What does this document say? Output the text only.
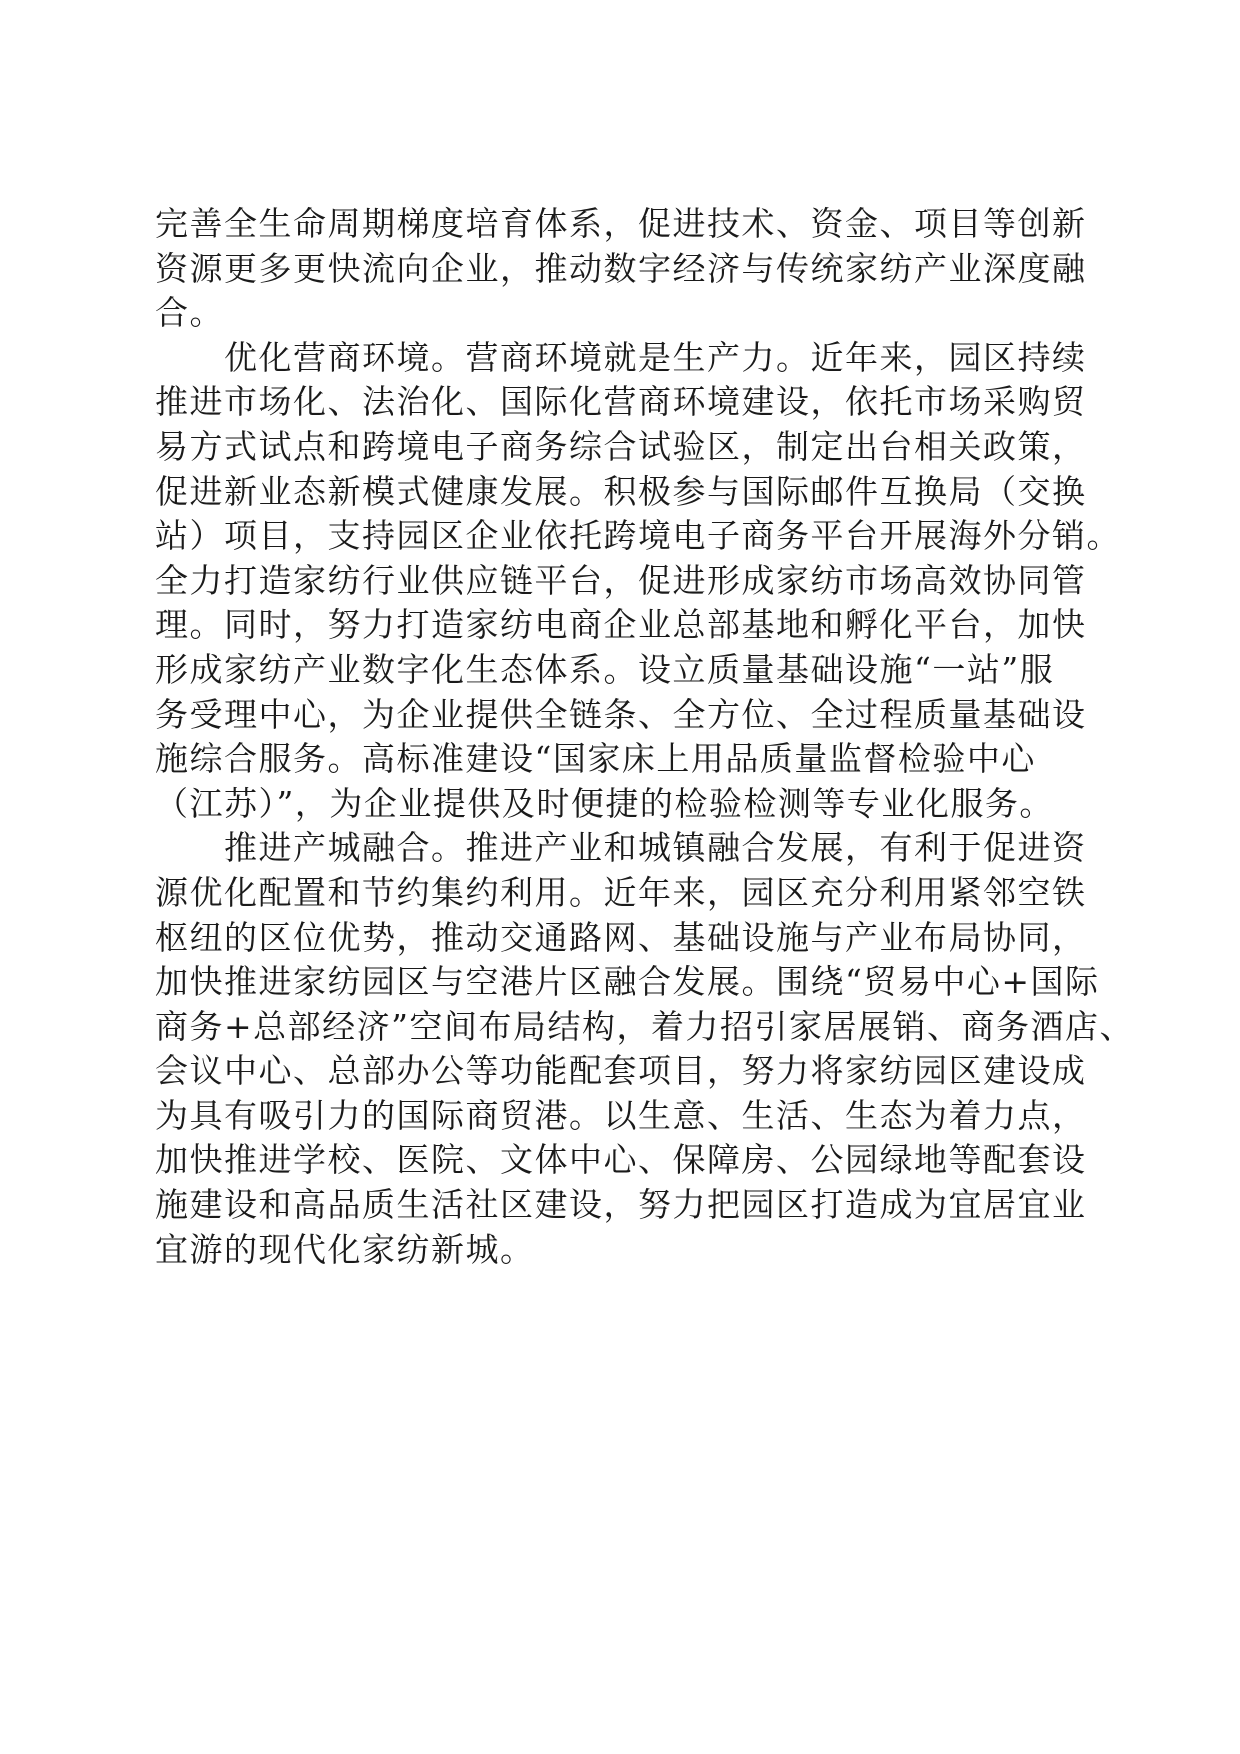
完善全生命周期梯度培育体系，促进技术、资金、项目等创新
资源更多更快流向企业，推动数字经济与传统家纺产业深度融
合。
　　优化营商环境。营商环境就是生产力。近年来，园区持续
推进市场化、法治化、国际化营商环境建设，依托市场采购贸
易方式试点和跨境电子商务综合试验区，制定出台相关政策，
促进新业态新模式健康发展。积极参与国际邮件互换局（交换
站）项目，支持园区企业依托跨境电子商务平台开展海外分销。
全力打造家纺行业供应链平台，促进形成家纺市场高效协同管
理。同时，努力打造家纺电商企业总部基地和孵化平台，加快
形成家纺产业数字化生态体系。设立质量基础设施“一站”服
务受理中心，为企业提供全链条、全方位、全过程质量基础设
施综合服务。高标准建设“国家床上用品质量监督检验中心
（江苏）”，为企业提供及时便捷的检验检测等专业化服务。
　　推进产城融合。推进产业和城镇融合发展，有利于促进资
源优化配置和节约集约利用。近年来，园区充分利用紧邻空铁
枢纽的区位优势，推动交通路网、基础设施与产业布局协同，
加快推进家纺园区与空港片区融合发展。围绕“贸易中心+国际
商务+总部经济”空间布局结构，着力招引家居展销、商务酒店、
会议中心、总部办公等功能配套项目，努力将家纺园区建设成
为具有吸引力的国际商贸港。以生意、生活、生态为着力点，
加快推进学校、医院、文体中心、保障房、公园绿地等配套设
施建设和高品质生活社区建设，努力把园区打造成为宜居宜业
宜游的现代化家纺新城。
